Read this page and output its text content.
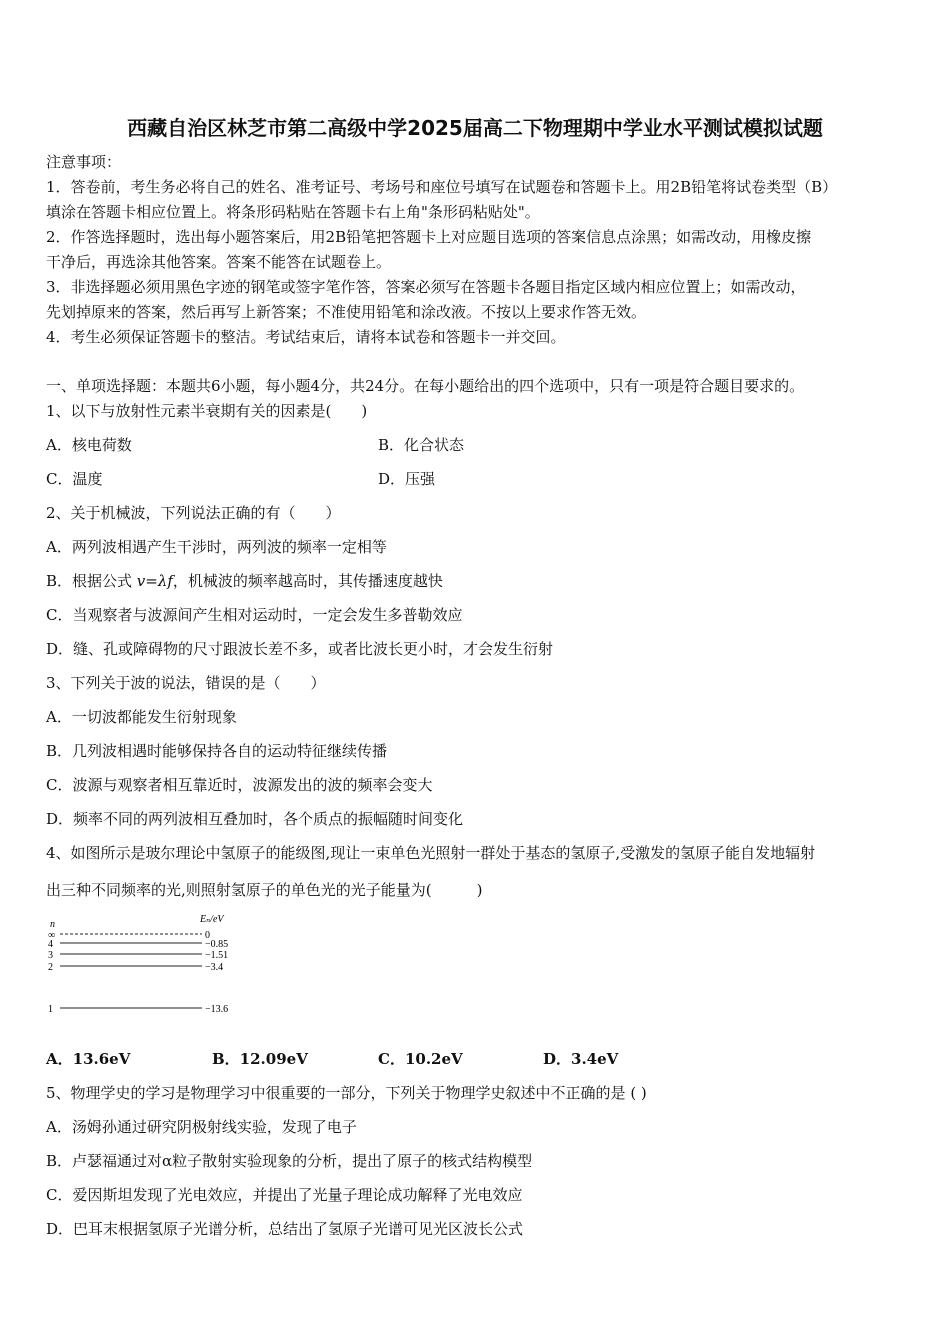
西藏自治区林芝市第二高级中学2025届高二下物理期中学业水平测试模拟试题
注意事项：
1．答卷前，考生务必将自己的姓名、准考证号、考场号和座位号填写在试题卷和答题卡上。用2B铅笔将试卷类型（B）
填涂在答题卡相应位置上。将条形码粘贴在答题卡右上角"条形码粘贴处"。
2．作答选择题时，选出每小题答案后，用2B铅笔把答题卡上对应题目选项的答案信息点涂黑；如需改动，用橡皮擦
干净后，再选涂其他答案。答案不能答在试题卷上。
3．非选择题必须用黑色字迹的钢笔或签字笔作答，答案必须写在答题卡各题目指定区域内相应位置上；如需改动，
先划掉原来的答案，然后再写上新答案；不准使用铅笔和涂改液。不按以上要求作答无效。
4．考生必须保证答题卡的整洁。考试结束后，请将本试卷和答题卡一并交回。
一、单项选择题：本题共6小题，每小题4分，共24分。在每小题给出的四个选项中，只有一项是符合题目要求的。
1、以下与放射性元素半衰期有关的因素是(　　)
A．核电荷数	B．化合状态
C．温度	D．压强
2、关于机械波，下列说法正确的有（　　）
A．两列波相遇产生干涉时，两列波的频率一定相等
B．根据公式 v=λf，机械波的频率越高时，其传播速度越快
C．当观察者与波源间产生相对运动时，一定会发生多普勒效应
D．缝、孔或障碍物的尺寸跟波长差不多，或者比波长更小时，才会发生衍射
3、下列关于波的说法，错误的是（　　）
A．一切波都能发生衍射现象
B．几列波相遇时能够保持各自的运动特征继续传播
C．波源与观察者相互靠近时，波源发出的波的频率会变大
D．频率不同的两列波相互叠加时，各个质点的振幅随时间变化
4、如图所示是玻尔理论中氢原子的能级图,现让一束单色光照射一群处于基态的氢原子,受激发的氢原子能自发地辐射
出三种不同频率的光,则照射氢原子的单色光的光子能量为(　　　)
n	Eₙ/eV
∞	0
4	−0.85
3	−1.51
2	−3.4
1	−13.6
A．13.6eV	B．12.09eV	C．10.2eV	D．3.4eV
5、物理学史的学习是物理学习中很重要的一部分，下列关于物理学史叙述中不正确的是 ( )
A．汤姆孙通过研究阴极射线实验，发现了电子
B．卢瑟福通过对α粒子散射实验现象的分析，提出了原子的核式结构模型
C．爱因斯坦发现了光电效应，并提出了光量子理论成功解释了光电效应
D．巴耳末根据氢原子光谱分析，总结出了氢原子光谱可见光区波长公式
